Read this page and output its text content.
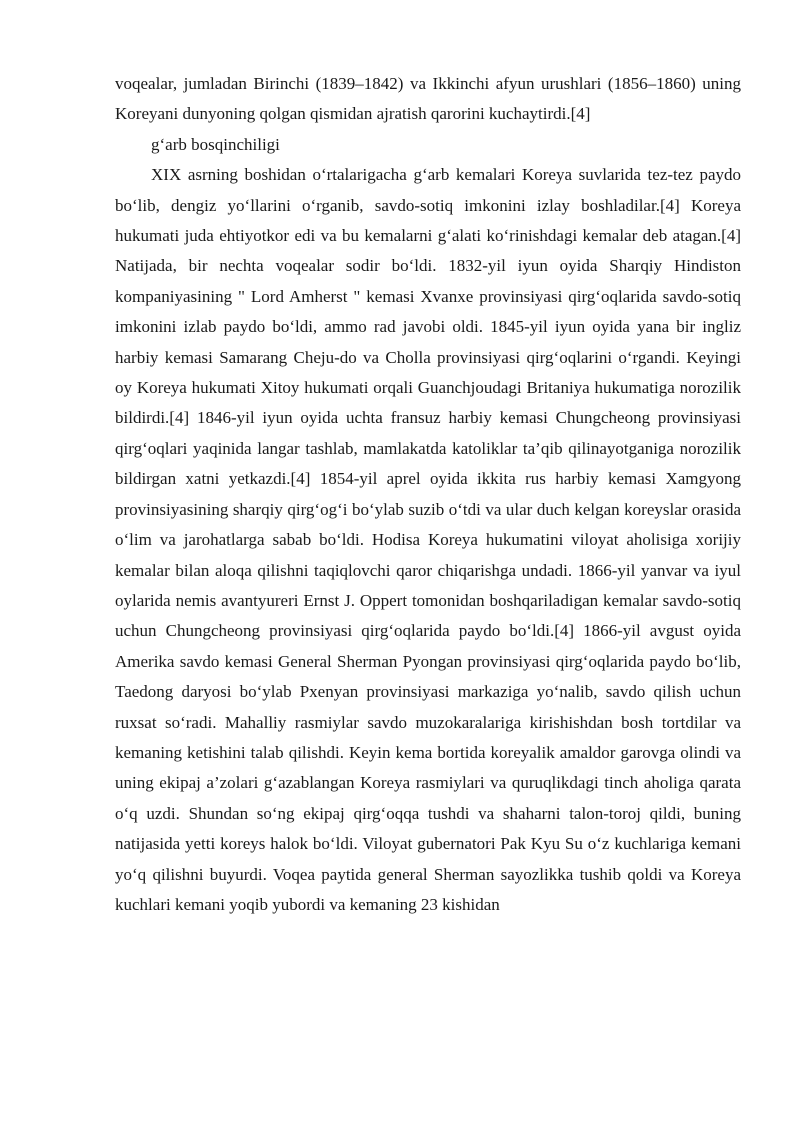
voqealar, jumladan Birinchi (1839–1842) va Ikkinchi afyun urushlari (1856–1860) uning Koreyani dunyoning qolgan qismidan ajratish qarorini kuchaytirdi.[4]

g‘arb bosqinchiligi

XIX asrning boshidan o‘rtalarigacha g‘arb kemalari Koreya suvlarida tez-tez paydo bo‘lib, dengiz yo‘llarini o‘rganib, savdo-sotiq imkonini izlay boshladilar.[4] Koreya hukumati juda ehtiyotkor edi va bu kemalarni g‘alati ko‘rinishdagi kemalar deb atagan.[4] Natijada, bir nechta voqealar sodir bo‘ldi. 1832-yil iyun oyida Sharqiy Hindiston kompaniyasining " Lord Amherst " kemasi Xvanxe provinsiyasi qirg‘oqlarida savdo-sotiq imkonini izlab paydo bo‘ldi, ammo rad javobi oldi. 1845-yil iyun oyida yana bir ingliz harbiy kemasi Samarang Cheju-do va Cholla provinsiyasi qirg‘oqlarini o‘rgandi. Keyingi oy Koreya hukumati Xitoy hukumati orqali Guanchjoudagi Britaniya hukumatiga norozilik bildirdi.[4] 1846-yil iyun oyida uchta fransuz harbiy kemasi Chungcheong provinsiyasi qirg‘oqlari yaqinida langar tashlab, mamlakatda katoliklar ta’qib qilinayotganiga norozilik bildirgan xatni yetkazdi.[4] 1854-yil aprel oyida ikkita rus harbiy kemasi Xamgyong provinsiyasining sharqiy qirg‘og‘i bo‘ylab suzib o‘tdi va ular duch kelgan koreyslar orasida o‘lim va jarohatlarga sabab bo‘ldi. Hodisa Koreya hukumatini viloyat aholisiga xorijiy kemalar bilan aloqa qilishni taqiqlovchi qaror chiqarishga undadi. 1866-yil yanvar va iyul oylarida nemis avantyureri Ernst J. Oppert tomonidan boshqariladigan kemalar savdo-sotiq uchun Chungcheong provinsiyasi qirg‘oqlarida paydo bo‘ldi.[4] 1866-yil avgust oyida Amerika savdo kemasi General Sherman Pyongan provinsiyasi qirg‘oqlarida paydo bo‘lib, Taedong daryosi bo‘ylab Pxenyan provinsiyasi markaziga yo‘nalib, savdo qilish uchun ruxsat so‘radi. Mahalliy rasmiylar savdo muzokaralariga kirishishdan bosh tortdilar va kemaning ketishini talab qilishdi. Keyin kema bortida koreyalik amaldor garovga olindi va uning ekipaj a’zolari g‘azablangan Koreya rasmiylari va quruqlikdagi tinch aholiga qarata o‘q uzdi. Shundan so‘ng ekipaj qirg‘oqqa tushdi va shaharni talon-toroj qildi, buning natijasida yetti koreys halok bo‘ldi. Viloyat gubernatori Pak Kyu Su o‘z kuchlariga kemani yo‘q qilishni buyurdi. Voqea paytida general Sherman sayozlikka tushib qoldi va Koreya kuchlari kemani yoqib yubordi va kemaning 23 kishidan
